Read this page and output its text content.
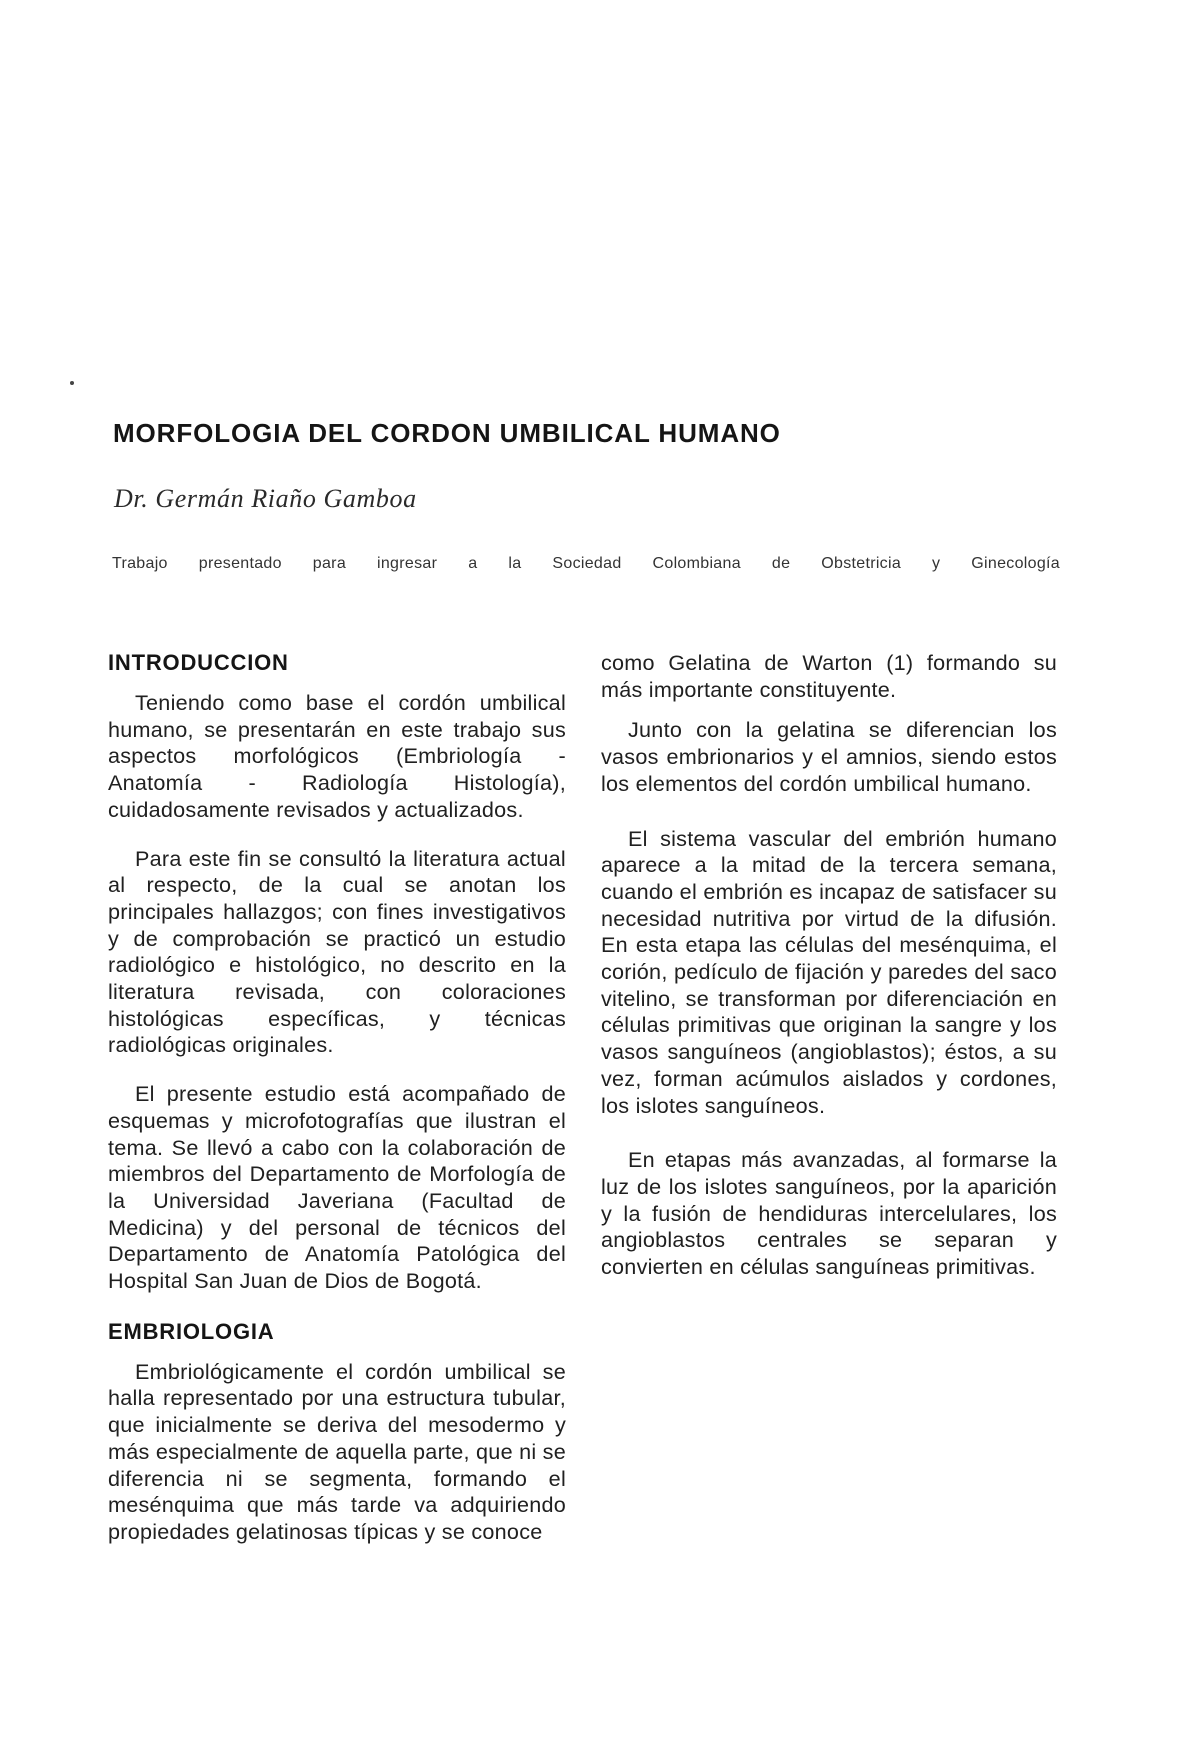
MORFOLOGIA DEL CORDON UMBILICAL HUMANO
Dr. Germán Riaño Gamboa
Trabajo presentado para ingresar a la Sociedad Colombiana de Obstetricia y Ginecología
INTRODUCCION

Teniendo como base el cordón umbilical humano, se presentarán en este trabajo sus aspectos morfológicos (Embriología - Anatomía - Radiología Histología), cuidadosamente revisados y actualizados.

Para este fin se consultó la literatura actual al respecto, de la cual se anotan los principales hallazgos; con fines investigativos y de comprobación se practicó un estudio radiológico e histológico, no descrito en la literatura revisada, con coloraciones histológicas específicas, y técnicas radiológicas originales.

El presente estudio está acompañado de esquemas y microfotografías que ilustran el tema. Se llevó a cabo con la colaboración de miembros del Departamento de Morfología de la Universidad Javeriana (Facultad de Medicina) y del personal de técnicos del Departamento de Anatomía Patológica del Hospital San Juan de Dios de Bogotá.

EMBRIOLOGIA

Embriológicamente el cordón umbilical se halla representado por una estructura tubular, que inicialmente se deriva del mesodermo y más especialmente de aquella parte, que ni se diferencia ni se segmenta, formando el mesénquima que más tarde va adquiriendo propiedades gelatinosas típicas y se conoce

como Gelatina de Warton (1) formando su más importante constituyente.

Junto con la gelatina se diferencian los vasos embrionarios y el amnios, siendo estos los elementos del cordón umbilical humano.

El sistema vascular del embrión humano aparece a la mitad de la tercera semana, cuando el embrión es incapaz de satisfacer su necesidad nutritiva por virtud de la difusión. En esta etapa las células del mesénquima, el corión, pedículo de fijación y paredes del saco vitelino, se transforman por diferenciación en células primitivas que originan la sangre y los vasos sanguíneos (angioblastos); éstos, a su vez, forman acúmulos aislados y cordones, los islotes sanguíneos.

En etapas más avanzadas, al formarse la luz de los islotes sanguíneos, por la aparición y la fusión de hendiduras intercelulares, los angioblastos centrales se separan y convierten en células sanguíneas primitivas.
